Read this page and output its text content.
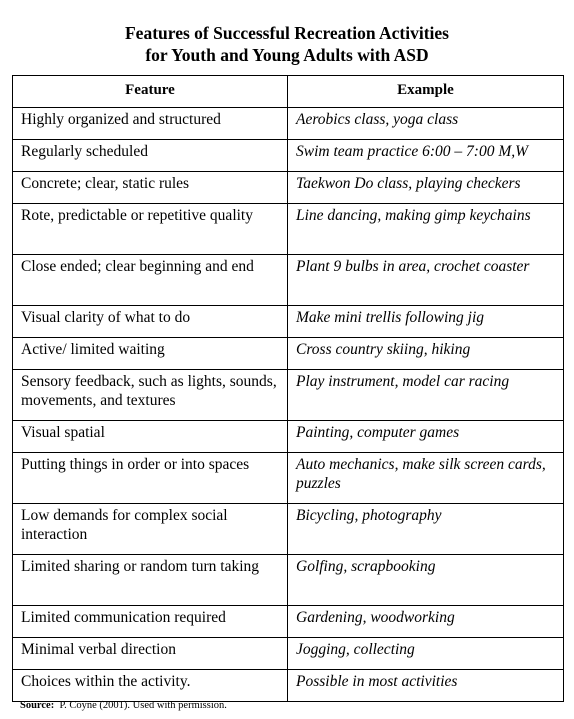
Features of Successful Recreation Activities
for Youth and Young Adults with ASD
Feature	Example
Highly organized and structured	Aerobics class, yoga class
Regularly scheduled	Swim team practice 6:00 – 7:00 M,W
Concrete; clear, static rules	Taekwon Do class, playing checkers
Rote, predictable or repetitive quality	Line dancing, making gimp keychains
Close ended; clear beginning and end	Plant 9 bulbs in area, crochet coaster
Visual clarity of what to do	Make mini trellis following jig
Active/ limited waiting	Cross country skiing, hiking
Sensory feedback, such as lights, sounds, movements, and textures	Play instrument, model car racing
Visual spatial	Painting, computer games
Putting things in order or into spaces	Auto mechanics, make silk screen cards, puzzles
Low demands for complex social interaction	Bicycling, photography
Limited sharing or random turn taking	Golfing, scrapbooking
Limited communication required	Gardening, woodworking
Minimal verbal direction	Jogging, collecting
Choices within the activity.	Possible in most activities
Source: P. Coyne (2001). Used with permission.
